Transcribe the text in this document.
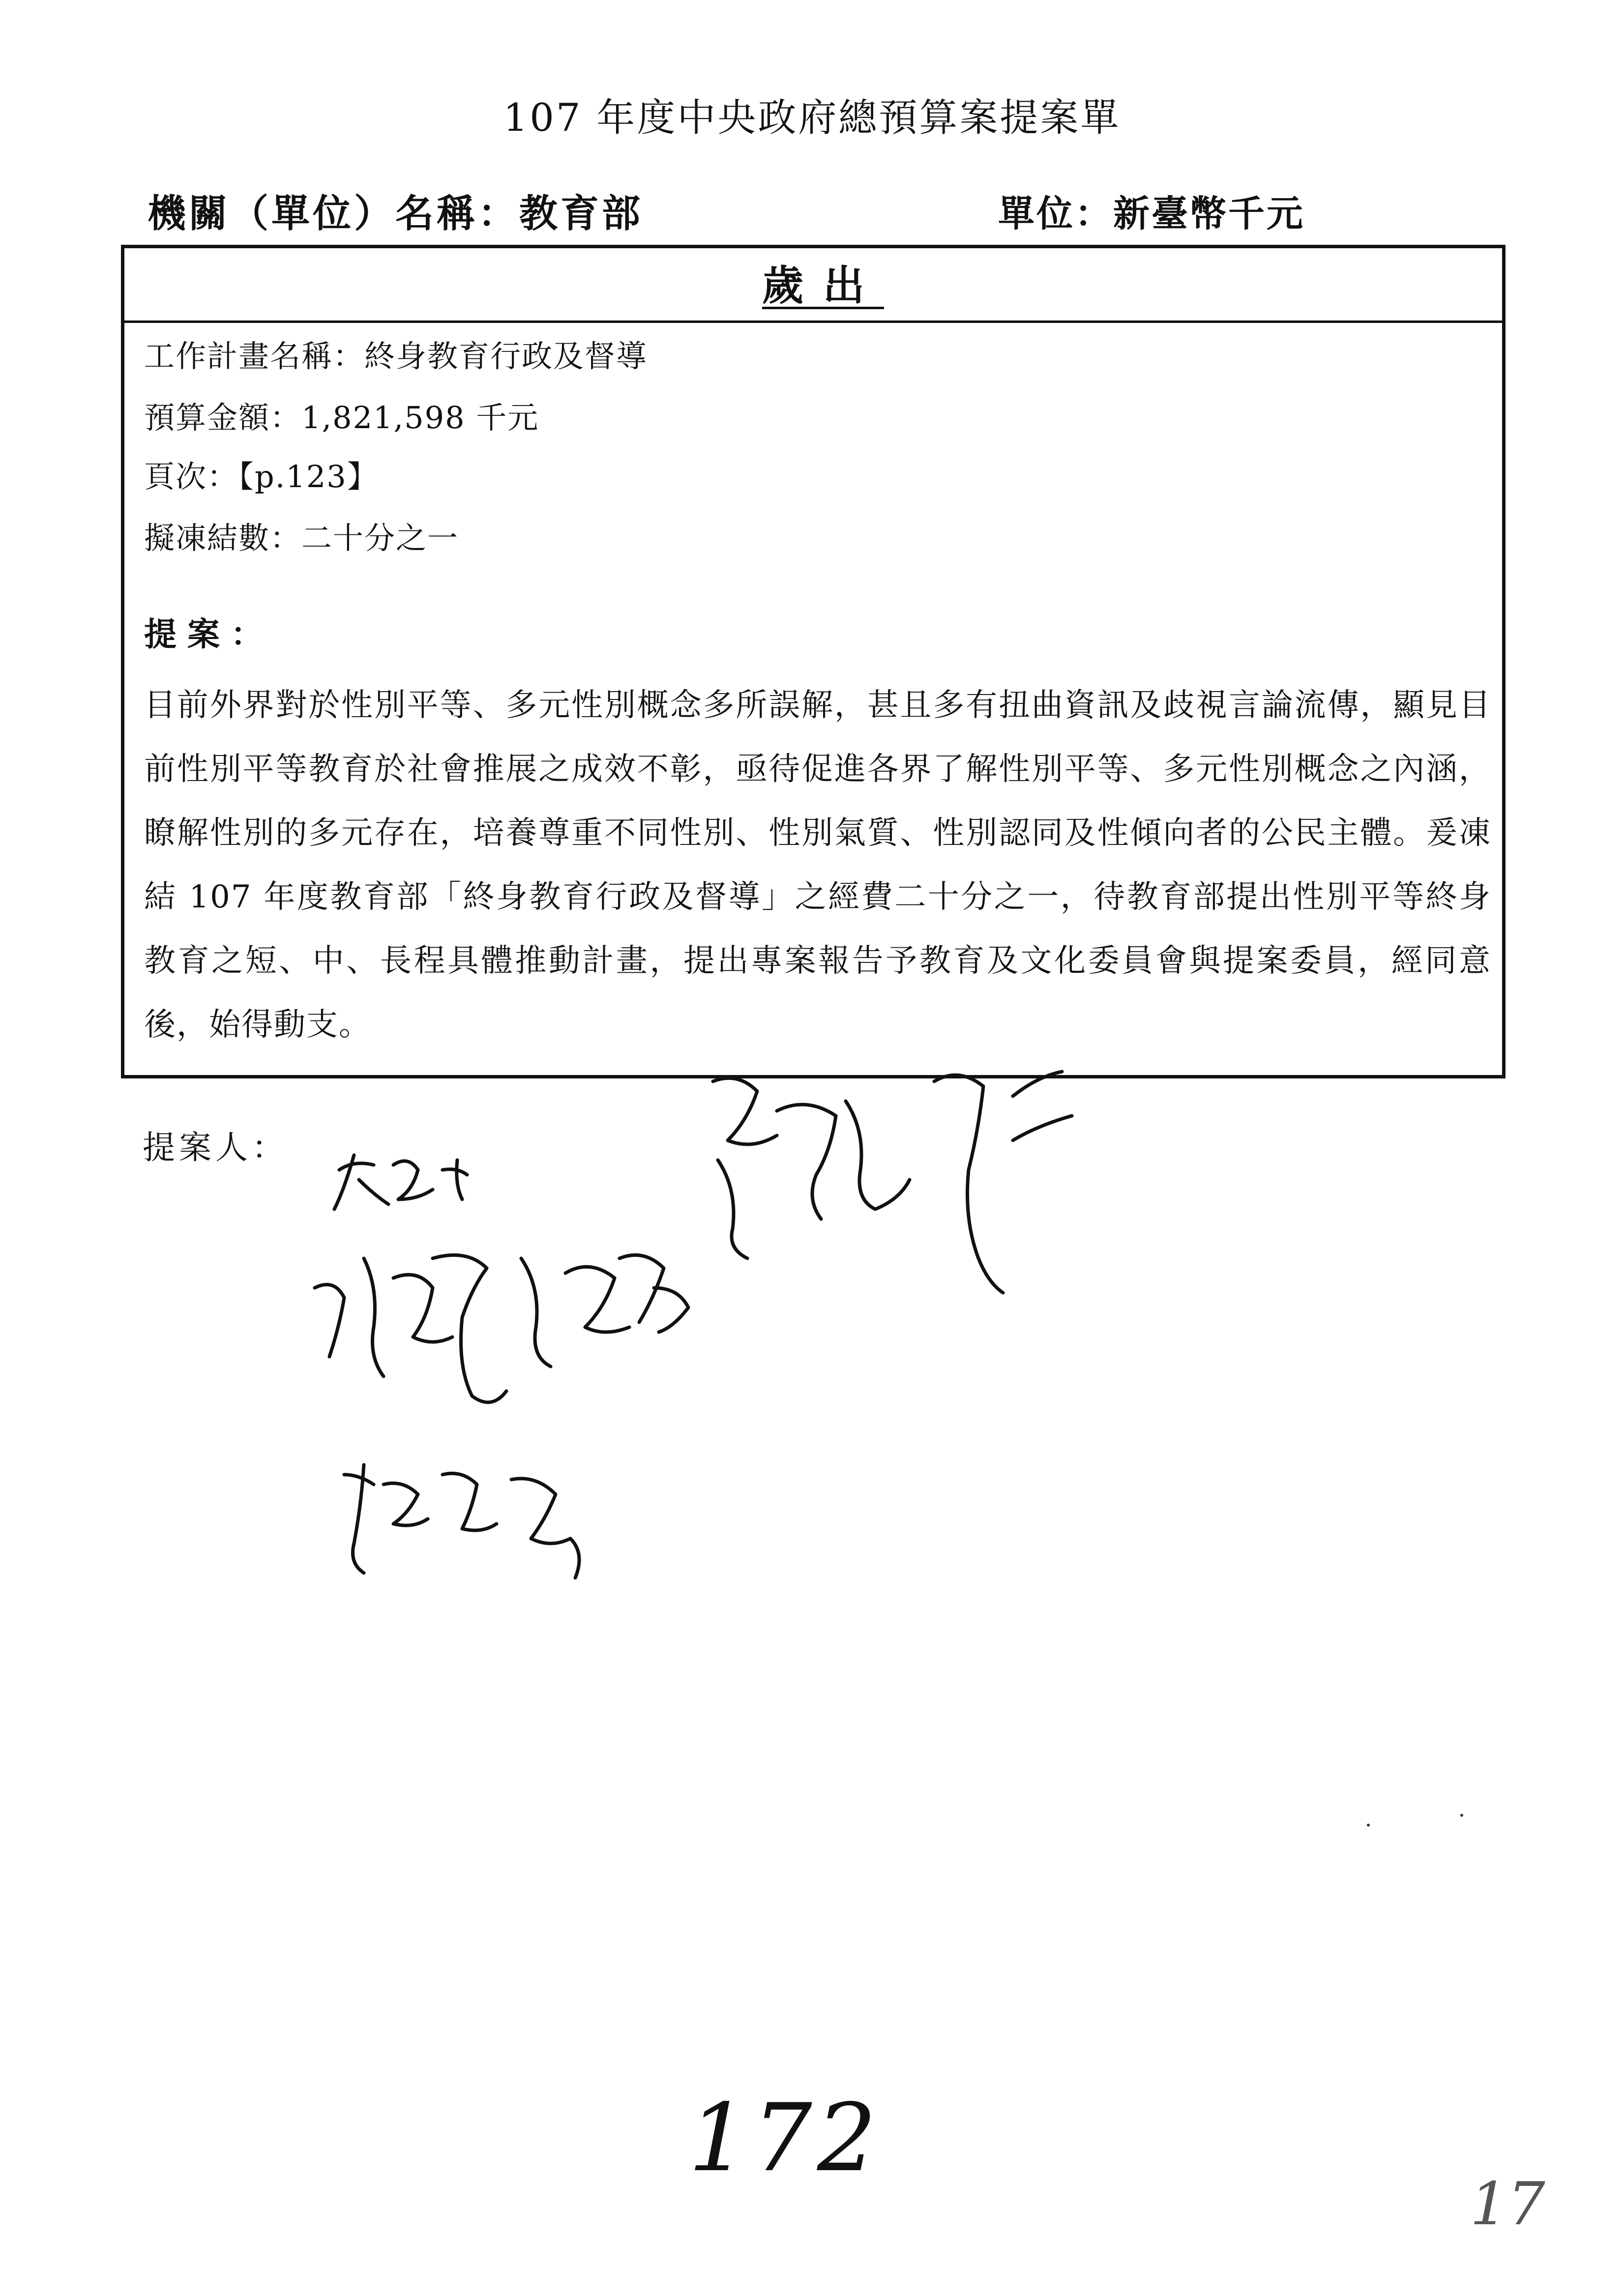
107 年度中央政府總預算案提案單
機關（單位）名稱：教育部	單位：新臺幣千元
歲出
工作計畫名稱：終身教育行政及督導
預算金額：1,821,598 千元
頁次：【p.123】
擬凍結數：二十分之一
提案：
目前外界對於性別平等、多元性別概念多所誤解，甚且多有扭曲資訊及歧視言論流傳，顯見目前性別平等教育於社會推展之成效不彰，亟待促進各界了解性別平等、多元性別概念之內涵，瞭解性別的多元存在，培養尊重不同性別、性別氣質、性別認同及性傾向者的公民主體。爰凍結 107 年度教育部「終身教育行政及督導」之經費二十分之一，待教育部提出性別平等終身教育之短、中、長程具體推動計畫，提出專案報告予教育及文化委員會與提案委員，經同意後，始得動支。
提案人：
172
17
